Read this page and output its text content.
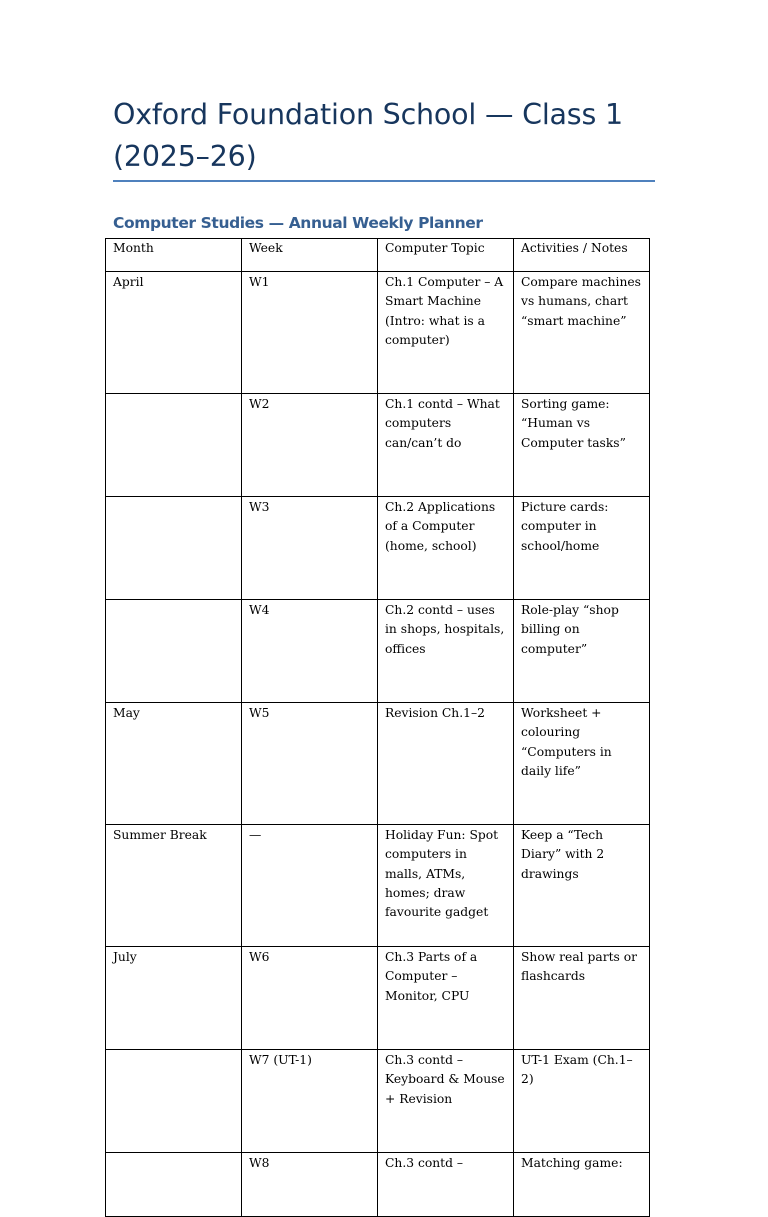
Oxford Foundation School — Class 1 (2025–26)
Computer Studies — Annual Weekly Planner
Month	Week	Computer Topic	Activities / Notes

April	W1	Ch.1 Computer – A Smart Machine (Intro: what is a computer)	Compare machines vs humans, chart “smart machine”

	W2	Ch.1 contd – What computers can/can’t do	Sorting game: “Human vs Computer tasks”

	W3	Ch.2 Applications of a Computer (home, school)	Picture cards: computer in school/home

	W4	Ch.2 contd – uses in shops, hospitals, offices	Role-play “shop billing on computer”

May	W5	Revision Ch.1–2	Worksheet + colouring “Computers in daily life”

Summer Break	—	Holiday Fun: Spot computers in malls, ATMs, homes; draw favourite gadget	Keep a “Tech Diary” with 2 drawings

July	W6	Ch.3 Parts of a Computer – Monitor, CPU	Show real parts or flashcards

	W7 (UT-1)	Ch.3 contd – Keyboard & Mouse + Revision	UT-1 Exam (Ch.1–2)

	W8	Ch.3 contd –	Matching game:
